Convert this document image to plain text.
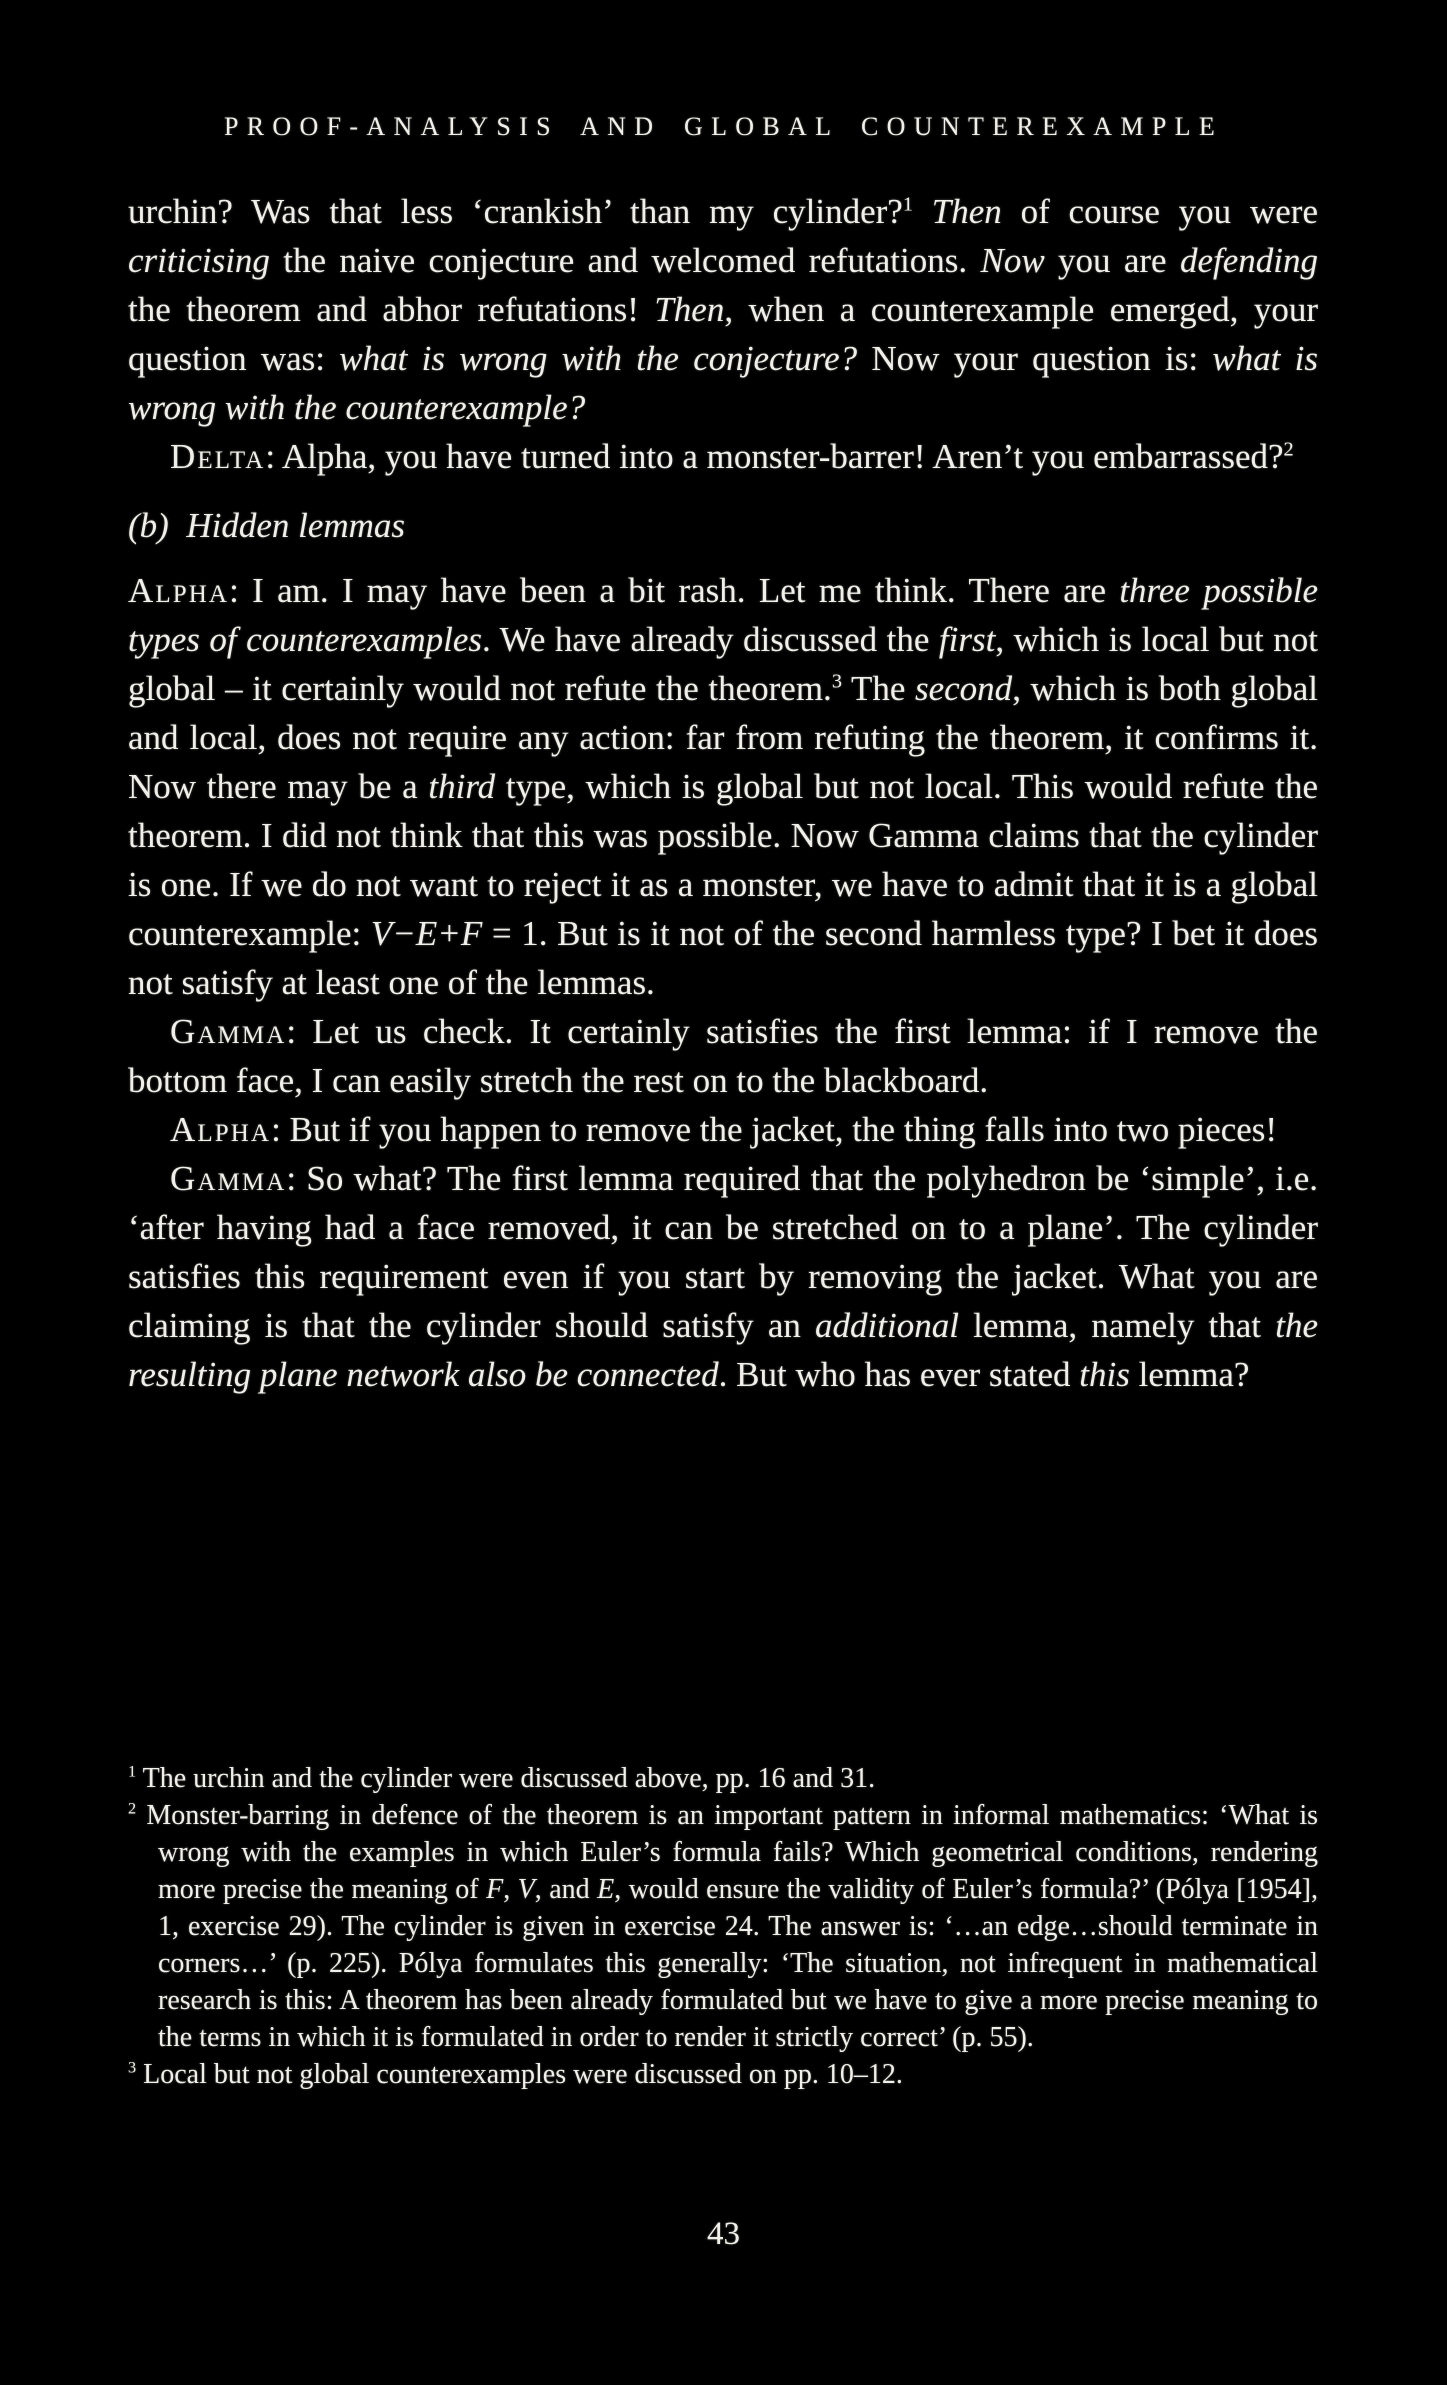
PROOF-ANALYSIS AND GLOBAL COUNTEREXAMPLE

urchin? Was that less ‘crankish’ than my cylinder?$^1$ Then of course you were criticising the naive conjecture and welcomed refutations. Now you are defending the theorem and abhor refutations! Then, when a counterexample emerged, your question was: what is wrong with the conjecture? Now your question is: what is wrong with the counterexample?

Delta: Alpha, you have turned into a monster-barrer! Aren’t you embarrassed?$^2$

(b)  Hidden lemmas

Alpha: I am. I may have been a bit rash. Let me think. There are three possible types of counterexamples. We have already discussed the first, which is local but not global – it certainly would not refute the theorem.$^3$ The second, which is both global and local, does not require any action: far from refuting the theorem, it confirms it. Now there may be a third type, which is global but not local. This would refute the theorem. I did not think that this was possible. Now Gamma claims that the cylinder is one. If we do not want to reject it as a monster, we have to admit that it is a global counterexample: V−E+F = 1. But is it not of the second harmless type? I bet it does not satisfy at least one of the lemmas.

Gamma: Let us check. It certainly satisfies the first lemma: if I remove the bottom face, I can easily stretch the rest on to the blackboard.

Alpha: But if you happen to remove the jacket, the thing falls into two pieces!

Gamma: So what? The first lemma required that the polyhedron be ‘simple’, i.e. ‘after having had a face removed, it can be stretched on to a plane’. The cylinder satisfies this requirement even if you start by removing the jacket. What you are claiming is that the cylinder should satisfy an additional lemma, namely that the resulting plane network also be connected. But who has ever stated this lemma?

$^1$ The urchin and the cylinder were discussed above, pp. 16 and 31.

$^2$ Monster-barring in defence of the theorem is an important pattern in informal mathematics: ‘What is wrong with the examples in which Euler’s formula fails? Which geometrical conditions, rendering more precise the meaning of F, V, and E, would ensure the validity of Euler’s formula?’ (Pólya [1954], 1, exercise 29). The cylinder is given in exercise 24. The answer is: ‘…an edge…should terminate in corners…’ (p. 225). Pólya formulates this generally: ‘The situation, not infrequent in mathematical research is this: A theorem has been already formulated but we have to give a more precise meaning to the terms in which it is formulated in order to render it strictly correct’ (p. 55).

$^3$ Local but not global counterexamples were discussed on pp. 10–12.

43
